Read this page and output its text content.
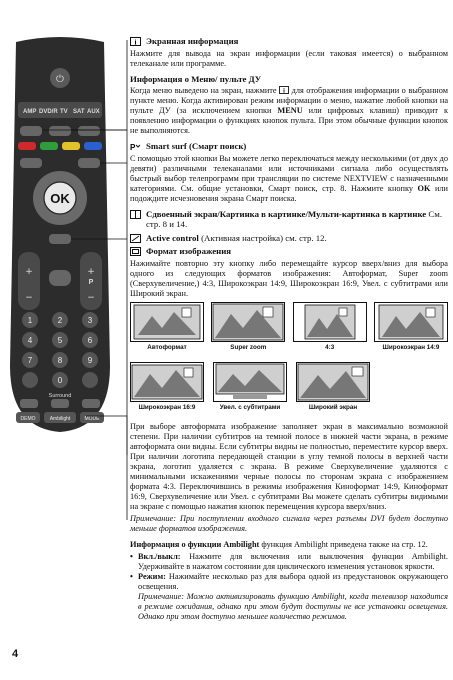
⏻
AMP DVD/R TV SAT AUX
OK
+
−
+
P
−
1	2	3
4	5	6
7	8	9
0
Surround
DEMO	Ambilight	MODE
4
i Экранная информация
Нажмите для вывода на экран информации (если таковая имеется) о выбранном телеканале или программе.
Информация о Меню/ пульте ДУ
Когда меню выведено на экран, нажмите i для отображения информации о выбранном пункте меню. Когда активирован режим информации о меню, нажатие любой кнопки на пульте ДУ (за исключением кнопки MENU или цифровых клавиш) приводит к появлению информации о функциях кнопок пульта. При этом обычные функции кнопок не выполняются.
P Smart surf (Смарт поиск)
С помощью этой кнопки Вы можете легко переключаться между несколькими (от двух до девяти) различными телеканалами или источниками сигнала либо осуществлять быстрый выбор телепрограмм при трансляции по системе NEXTVIEW с назначенными категориями. См. общие установки, Смарт поиск, стр. 8. Нажмите кнопку OK или подождите исчезновения экрана Смарт поиска.
Сдвоенный экран/Картинка в картинке/Мульти-картинка в картинке См. стр. 8 и 14.
Active control (Активная настройка) см. стр. 12.
Формат изображения
Нажимайте повторно эту кнопку либо перемещайте курсор вверх/вниз для выбора одного из следующих форматов изображения: Автоформат, Super zoom (Сверхувеличение,) 4:3, Широкоэкран 14:9, Широкоэкран 16:9, Увел. с субтитрами или Широкий экран.
Автоформат	Super zoom	4:3	Широкоэкран 14:9
Широкоэкран 16:9	Увел. с субтитрами	Широкий экран
При выборе автоформата изображение заполняет экран в максимально возможной степени. При наличии субтитров на темной полосе в нижней части экрана, в режиме автоформата они видны. Если субтитры видны не полностью, переместите курсор вверх. При наличии логотипа передающей станции в углу темной полосы в верхней части экрана, логотип удаляется с экрана. В режиме Сверхувеличение удаляются с минимальными искажениями черные полосы по сторонам экрана с изображением формата 4:3. Переключившись в режимы изображения Киноформат 14:9, Киноформат 16:9, Сверхувеличение или Увел. с субтитрами Вы можете сделать субтитры видимыми на экране с помощью нажатия кнопок перемещения курсора вверх/вниз.
Примечание: При поступлении входного сигнала через разъемы DVI будет доступно меньше форматов изображения.
Информация о функции Ambilight функция Ambilight приведена также на стр. 12.
• Вкл./выкл: Нажмите для включения или выключения функции Ambilight. Удерживайте в нажатом состоянии для циклического изменения установок яркости.
• Режим: Нажимайте несколько раз для выбора одной из предустановок окружающего освещения.
Примечание: Можно активизировать функцию Ambilight, когда телевизор находится в режиме ожидания, однако при этом будут доступны не все установки освещения. Однако при этом доступно меньшее количество режимов.
